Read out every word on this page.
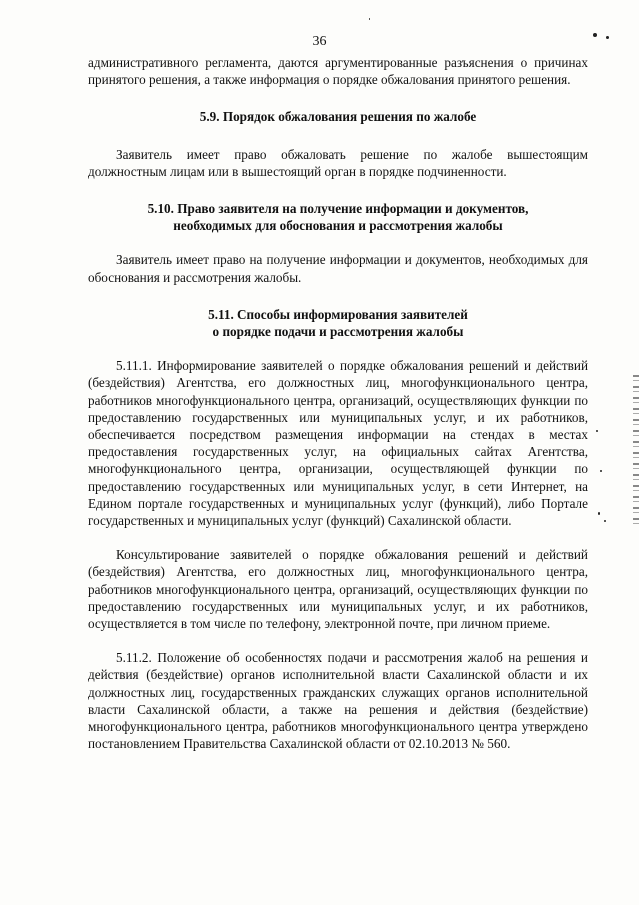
36

административного регламента, даются аргументированные разъяснения о причинах принятого решения, а также информация о порядке обжалования принятого решения.

5.9. Порядок обжалования решения по жалобе

Заявитель имеет право обжаловать решение по жалобе вышестоящим должностным лицам или в вышестоящий орган в порядке подчиненности.

5.10. Право заявителя на получение информации и документов,
необходимых для обоснования и рассмотрения жалобы

Заявитель имеет право на получение информации и документов, необходимых для обоснования и рассмотрения жалобы.

5.11. Способы информирования заявителей
о порядке подачи и рассмотрения жалобы

5.11.1. Информирование заявителей о порядке обжалования решений и действий (бездействия) Агентства, его должностных лиц, многофункционального центра, работников многофункционального центра, организаций, осуществляющих функции по предоставлению государственных или муниципальных услуг, и их работников, обеспечивается посредством размещения информации на стендах в местах предоставления государственных услуг, на официальных сайтах Агентства, многофункционального центра, организации, осуществляющей функции по предоставлению государственных или муниципальных услуг, в сети Интернет, на Едином портале государственных и муниципальных услуг (функций), либо Портале государственных и муниципальных услуг (функций) Сахалинской области.

Консультирование заявителей о порядке обжалования решений и действий (бездействия) Агентства, его должностных лиц, многофункционального центра, работников многофункционального центра, организаций, осуществляющих функции по предоставлению государственных или муниципальных услуг, и их работников, осуществляется в том числе по телефону, электронной почте, при личном приеме.

5.11.2. Положение об особенностях подачи и рассмотрения жалоб на решения и действия (бездействие) органов исполнительной власти Сахалинской области и их должностных лиц, государственных гражданских служащих органов исполнительной власти Сахалинской области, а также на решения и действия (бездействие) многофункционального центра, работников многофункционального центра утверждено постановлением Правительства Сахалинской области от 02.10.2013 № 560.
